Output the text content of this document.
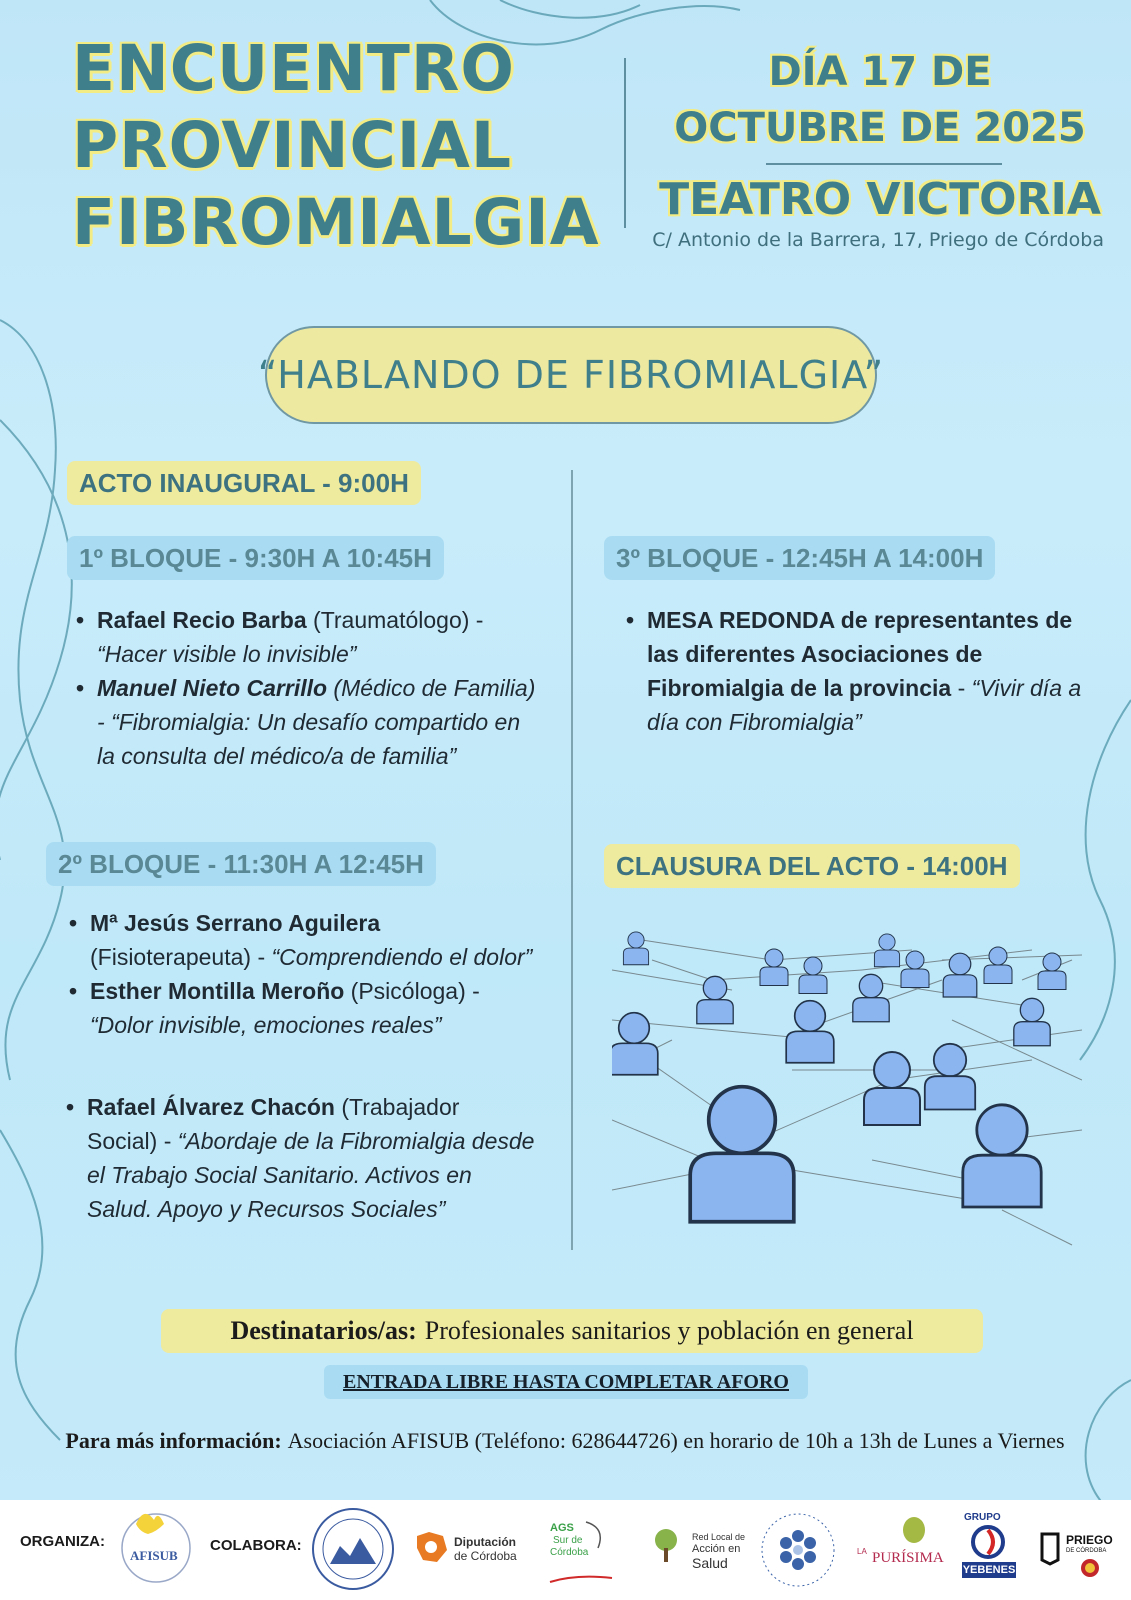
ENCUENTRO
PROVINCIAL
FIBROMIALGIA
DÍA 17 DE
OCTUBRE DE 2025
TEATRO VICTORIA
C/ Antonio de la Barrera, 17, Priego de Córdoba
“HABLANDO DE FIBROMIALGIA”
ACTO INAUGURAL - 9:00H
1º BLOQUE - 9:30H A 10:45H
• Rafael Recio Barba (Traumatólogo) - “Hacer visible lo invisible”
• Manuel Nieto Carrillo (Médico de Familia) - “Fibromialgia: Un desafío compartido en la consulta del médico/a de familia”
2º BLOQUE - 11:30H A 12:45H
• Mª Jesús Serrano Aguilera (Fisioterapeuta) - “Comprendiendo el dolor”
• Esther Montilla Meroño (Psicóloga) - “Dolor invisible, emociones reales”
• Rafael Álvarez Chacón (Trabajador Social) - “Abordaje de la Fibromialgia desde el Trabajo Social Sanitario. Activos en Salud. Apoyo y Recursos Sociales”
3º BLOQUE - 12:45H A 14:00H
• MESA REDONDA de representantes de las diferentes Asociaciones de Fibromialgia de la provincia - “Vivir día a día con Fibromialgia”
CLAUSURA DEL ACTO - 14:00H
Destinatarios/as: Profesionales sanitarios y población en general
ENTRADA LIBRE HASTA COMPLETAR AFORO
Para más información: Asociación AFISUB (Teléfono: 628644726) en horario de 10h a 13h de Lunes a Viernes
ORGANIZA:
AFISUB
COLABORA:	Diputación
de Córdoba
AGS
Sur de
Córdoba
Red Local de
Acción en
Salud
LA PURÍSIMA
GRUPO
YEBENES
PRIEGO
DE CÓRDOBA
